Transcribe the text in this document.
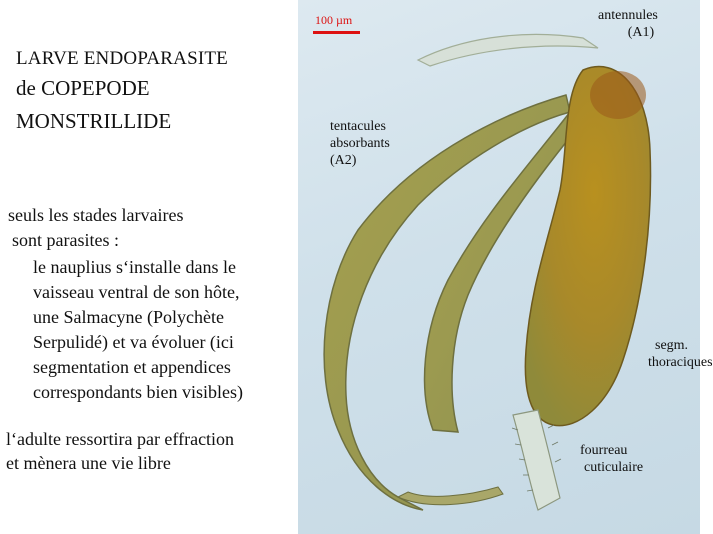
LARVE ENDOPARASITE
de COPEPODE
MONSTRILLIDE
seuls les stades larvaires
sont parasites :
le nauplius s‘installe dans le
vaisseau ventral de son hôte,
une Salmacyne (Polychète
Serpulidé) et va évoluer (ici
segmentation et appendices
correspondants bien visibles)
l‘adulte ressortira par effraction
et mènera une vie libre
100 µm	antennules
(A1)
tentacules
absorbants
(A2)
segm.
thoraciques
fourreau
cuticulaire
